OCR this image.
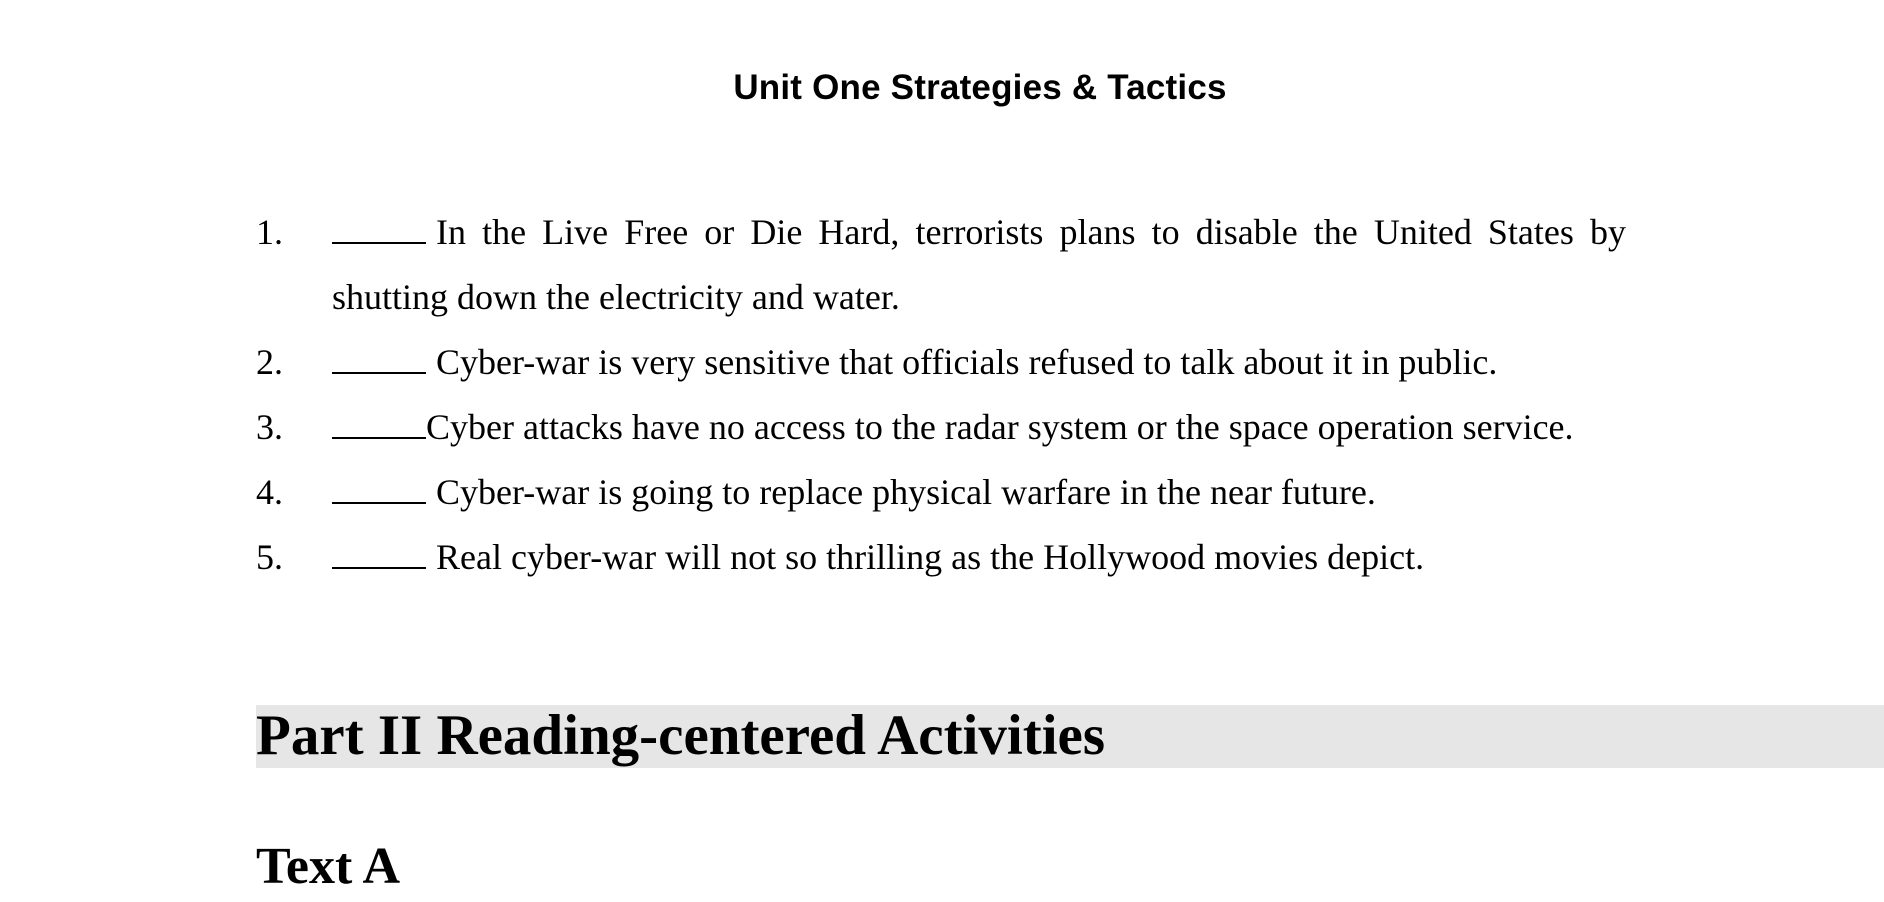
Unit One Strategies & Tactics
1.	In the Live Free or Die Hard, terrorists plans to disable the United States by shutting down the electricity and water.
2.	Cyber-war is very sensitive that officials refused to talk about it in public.
3.	Cyber attacks have no access to the radar system or the space operation service.
4.	Cyber-war is going to replace physical warfare in the near future.
5.	Real cyber-war will not so thrilling as the Hollywood movies depict.
Part II Reading-centered Activities
Text A
